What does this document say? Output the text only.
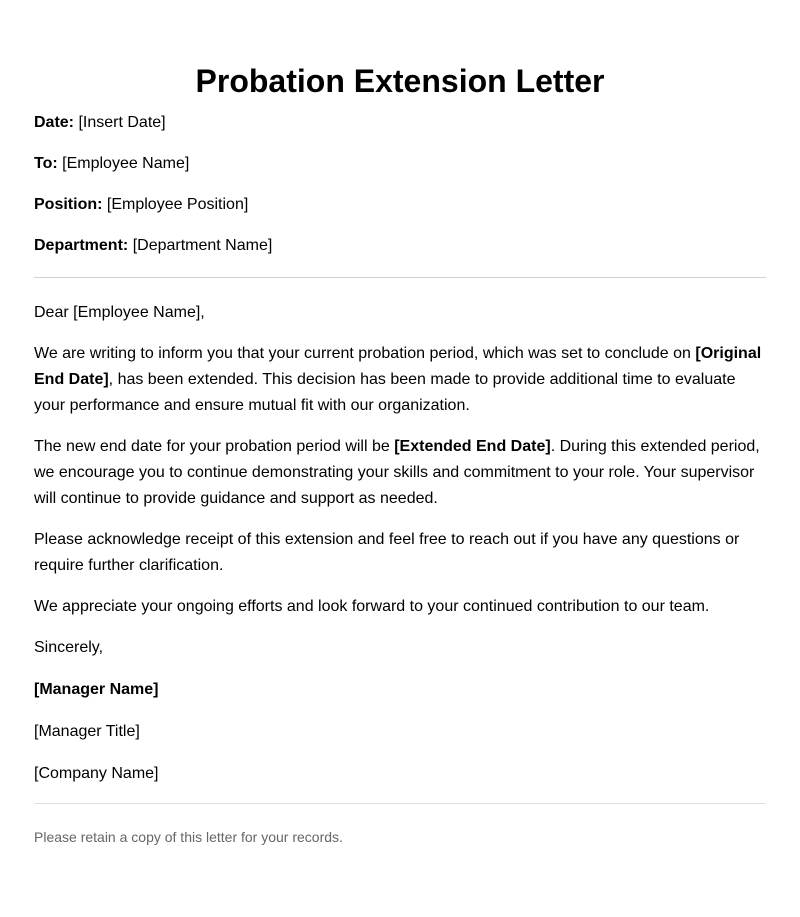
Probation Extension Letter
Date: [Insert Date]
To: [Employee Name]
Position: [Employee Position]
Department: [Department Name]

Dear [Employee Name],

We are writing to inform you that your current probation period, which was set to conclude on [Original End Date], has been extended. This decision has been made to provide additional time to evaluate your performance and ensure mutual fit with our organization.

The new end date for your probation period will be [Extended End Date]. During this extended period, we encourage you to continue demonstrating your skills and commitment to your role. Your supervisor will continue to provide guidance and support as needed.

Please acknowledge receipt of this extension and feel free to reach out if you have any questions or require further clarification.

We appreciate your ongoing efforts and look forward to your continued contribution to our team.

Sincerely,
[Manager Name]
[Manager Title]
[Company Name]
Please retain a copy of this letter for your records.
